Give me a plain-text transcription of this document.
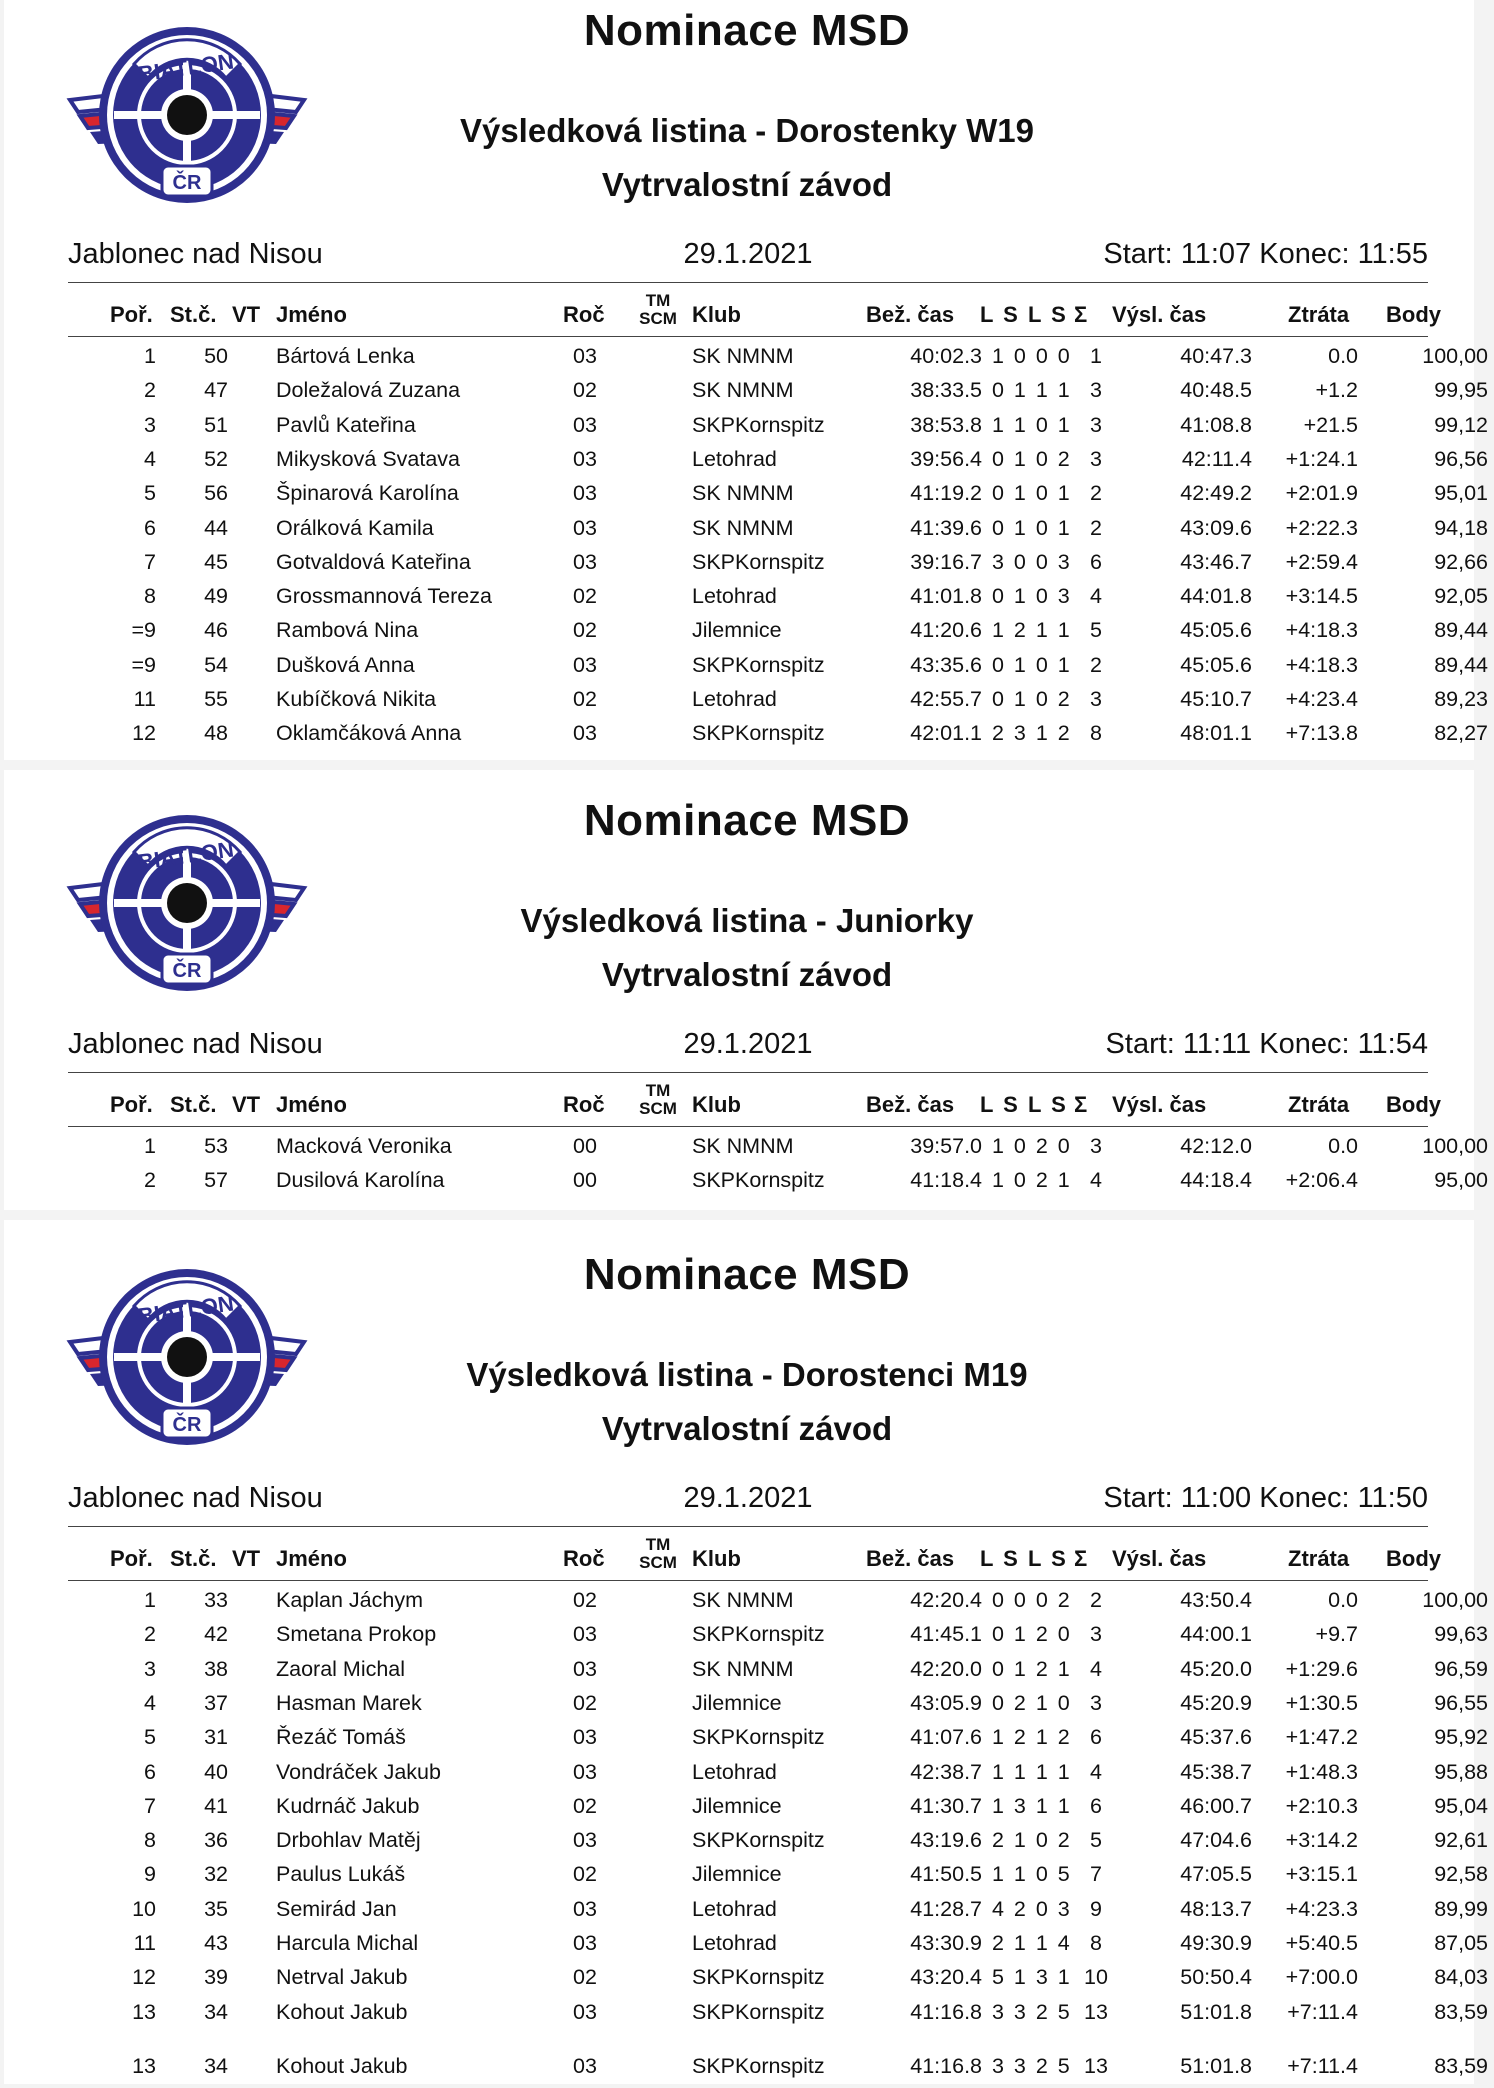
BIATLON
ČR
Nominace MSD
Výsledková listina - Dorostenky W19
Vytrvalostní závod
Jablonec nad Nisou	29.1.2021	Start: 11:07 Konec: 11:55
Poř. St.č. VT Jméno	Roč
TM
SCM Klub	Bež. čas L S L S Σ Výsl. čas	Ztráta Body
1	50 Bártová Lenka	03	SK NMNM	40:02.3 1 0 0 0 1	40:47.3	0.0	100,00
2	47 Doležalová Zuzana	02	SK NMNM	38:33.5 0 1 1 1 3	40:48.5	+1.2	99,95
3	51 Pavlů Kateřina	03	SKPKornspitz	38:53.8 1 1 0 1 3	41:08.8	+21.5	99,12
4	52 Mikysková Svatava	03	Letohrad	39:56.4 0 1 0 2 3	42:11.4	+1:24.1	96,56
5	56 Špinarová Karolína	03	SK NMNM	41:19.2 0 1 0 1 2	42:49.2	+2:01.9	95,01
6	44 Orálková Kamila	03	SK NMNM	41:39.6 0 1 0 1 2	43:09.6	+2:22.3	94,18
7	45 Gotvaldová Kateřina	03	SKPKornspitz	39:16.7 3 0 0 3 6	43:46.7	+2:59.4	92,66
8	49 Grossmannová Tereza	02	Letohrad	41:01.8 0 1 0 3 4	44:01.8	+3:14.5	92,05
=9	46 Rambová Nina	02	Jilemnice	41:20.6 1 2 1 1 5	45:05.6	+4:18.3	89,44
=9	54 Dušková Anna	03	SKPKornspitz	43:35.6 0 1 0 1 2	45:05.6	+4:18.3	89,44
11	55 Kubíčková Nikita	02	Letohrad	42:55.7 0 1 0 2 3	45:10.7	+4:23.4	89,23
12	48 Oklamčáková Anna	03	SKPKornspitz	42:01.1 2 3 1 2 8	48:01.1	+7:13.8	82,27
BIATLON
ČR
Nominace MSD
Výsledková listina - Juniorky
Vytrvalostní závod
Jablonec nad Nisou	29.1.2021	Start: 11:11 Konec: 11:54
Poř. St.č. VT Jméno	Roč
TM
SCM Klub	Bež. čas L S L S Σ Výsl. čas	Ztráta Body
1	53 Macková Veronika	00	SK NMNM	39:57.0 1 0 2 0 3	42:12.0	0.0	100,00
2	57 Dusilová Karolína	00	SKPKornspitz	41:18.4 1 0 2 1 4	44:18.4	+2:06.4	95,00
BIATLON
ČR
Nominace MSD
Výsledková listina - Dorostenci M19
Vytrvalostní závod
Jablonec nad Nisou	29.1.2021	Start: 11:00 Konec: 11:50
Poř. St.č. VT Jméno	Roč
TM
SCM Klub	Bež. čas L S L S Σ Výsl. čas	Ztráta Body
1	33 Kaplan Jáchym	02	SK NMNM	42:20.4 0 0 0 2 2	43:50.4	0.0	100,00
2	42 Smetana Prokop	03	SKPKornspitz	41:45.1 0 1 2 0 3	44:00.1	+9.7	99,63
3	38 Zaoral Michal	03	SK NMNM	42:20.0 0 1 2 1 4	45:20.0	+1:29.6	96,59
4	37 Hasman Marek	02	Jilemnice	43:05.9 0 2 1 0 3	45:20.9	+1:30.5	96,55
5	31 Řezáč Tomáš	03	SKPKornspitz	41:07.6 1 2 1 2 6	45:37.6	+1:47.2	95,92
6	40 Vondráček Jakub	03	Letohrad	42:38.7 1 1 1 1 4	45:38.7	+1:48.3	95,88
7	41 Kudrnáč Jakub	02	Jilemnice	41:30.7 1 3 1 1 6	46:00.7	+2:10.3	95,04
8	36 Drbohlav Matěj	03	SKPKornspitz	43:19.6 2 1 0 2 5	47:04.6	+3:14.2	92,61
9	32 Paulus Lukáš	02	Jilemnice	41:50.5 1 1 0 5 7	47:05.5	+3:15.1	92,58
10	35 Semirád Jan	03	Letohrad	41:28.7 4 2 0 3 9	48:13.7	+4:23.3	89,99
11	43 Harcula Michal	03	Letohrad	43:30.9 2 1 1 4 8	49:30.9	+5:40.5	87,05
12	39 Netrval Jakub	02	SKPKornspitz	43:20.4 5 1 3 1 10	50:50.4	+7:00.0	84,03
13	34 Kohout Jakub	03	SKPKornspitz	41:16.8 3 3 2 5 13	51:01.8	+7:11.4	83,59
13	34 Kohout Jakub	03	SKPKornspitz	41:16.8 3 3 2 5 13	51:01.8	+7:11.4	83,59
